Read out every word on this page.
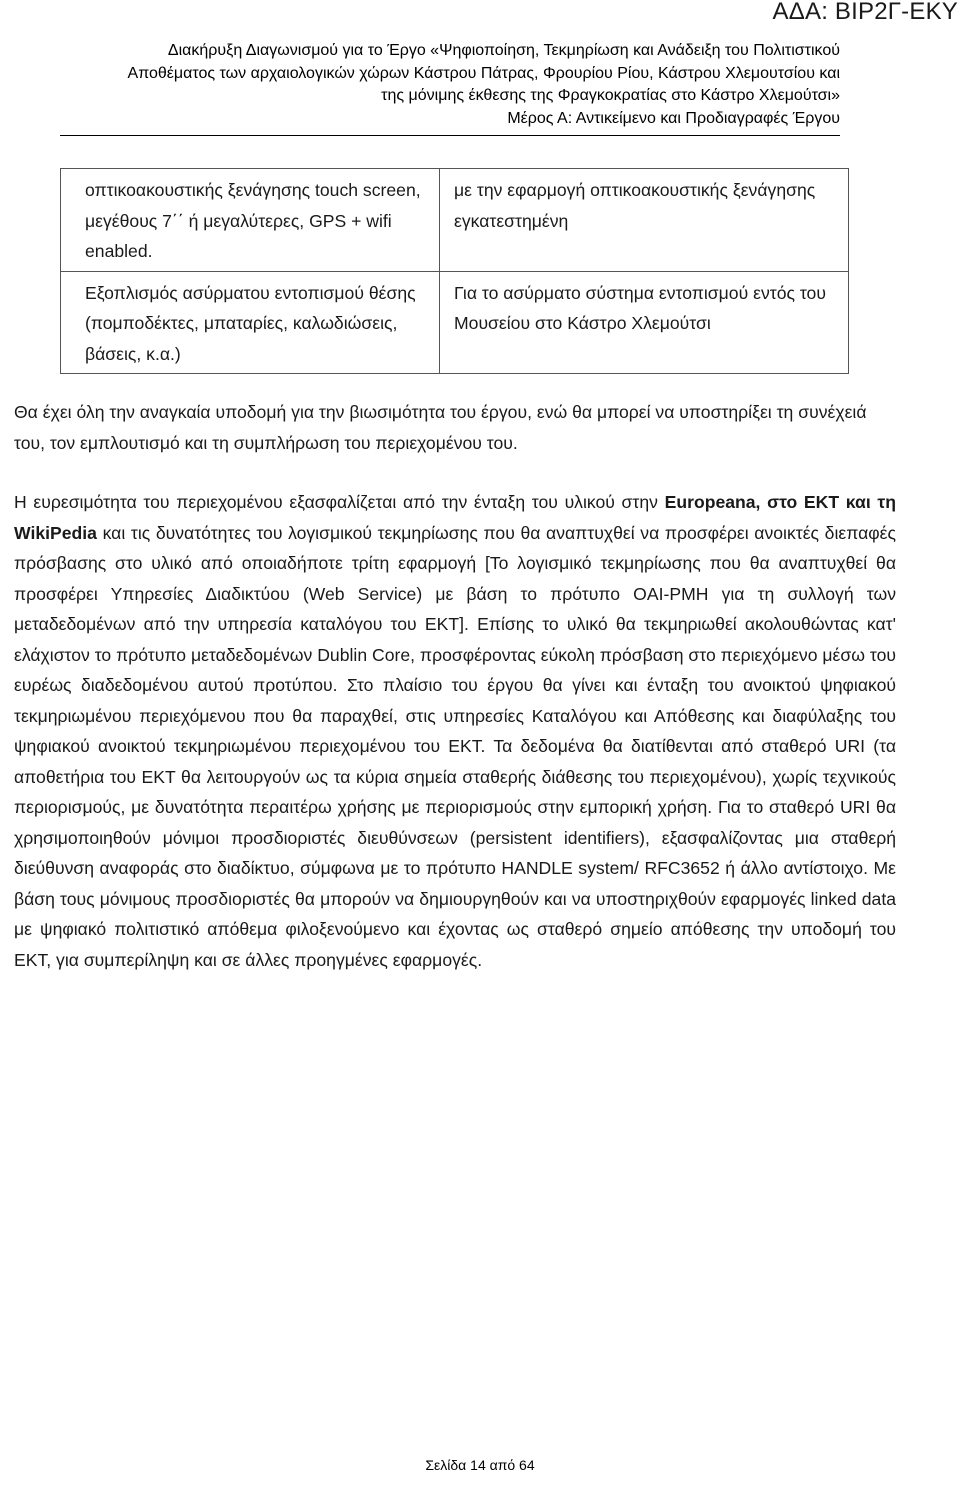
ΑΔΑ: ΒΙΡ2Γ-ΕΚΥ
Διακήρυξη Διαγωνισμού για το Έργο «Ψηφιοποίηση, Τεκμηρίωση και Ανάδειξη του Πολιτιστικού
Αποθέματος των αρχαιολογικών χώρων Κάστρου Πάτρας, Φρουρίου Ρίου, Κάστρου Χλεμουτσίου και
της μόνιμης έκθεσης της Φραγκοκρατίας στο Κάστρο Χλεμούτσι»
Μέρος Α: Αντικείμενο και Προδιαγραφές Έργου
οπτικοακουστικής ξενάγησης touch screen, μεγέθους 7΄΄ ή μεγαλύτερες, GPS + wifi enabled.	με την εφαρμογή οπτικοακουστικής ξενάγησης εγκατεστημένη
Εξοπλισμός ασύρματου εντοπισμού θέσης (πομποδέκτες, μπαταρίες, καλωδιώσεις, βάσεις, κ.α.)	Για το ασύρματο σύστημα εντοπισμού εντός του Μουσείου στο Κάστρο Χλεμούτσι
Θα έχει όλη την αναγκαία υποδομή για την βιωσιμότητα του έργου, ενώ θα μπορεί να υποστηρίξει τη συνέχειά του, τον εμπλουτισμό και τη συμπλήρωση του περιεχομένου του.
Η ευρεσιμότητα του περιεχομένου εξασφαλίζεται από την ένταξη του υλικού στην Europeana, στο ΕΚΤ και τη WikiPedia και τις δυνατότητες του λογισμικού τεκμηρίωσης που θα αναπτυχθεί να προσφέρει ανοικτές διεπαφές πρόσβασης στο υλικό από οποιαδήποτε τρίτη εφαρμογή [Το λογισμικό τεκμηρίωσης που θα αναπτυχθεί θα προσφέρει Υπηρεσίες Διαδικτύου (Web Service) με βάση το πρότυπο OAI-PMH για τη συλλογή των μεταδεδομένων από την υπηρεσία καταλόγου του ΕΚΤ]. Επίσης το υλικό θα τεκμηριωθεί ακολουθώντας κατ' ελάχιστον το πρότυπο μεταδεδομένων Dublin Core, προσφέροντας εύκολη πρόσβαση στο περιεχόμενο μέσω του ευρέως διαδεδομένου αυτού προτύπου. Στο πλαίσιο του έργου θα γίνει και ένταξη του ανοικτού ψηφιακού τεκμηριωμένου περιεχόμενου που θα παραχθεί, στις υπηρεσίες Καταλόγου και Απόθεσης και διαφύλαξης του ψηφιακού ανοικτού τεκμηριωμένου περιεχομένου του ΕΚΤ. Τα δεδομένα θα διατίθενται από σταθερό URI (τα αποθετήρια του ΕΚΤ θα λειτουργούν ως τα κύρια σημεία σταθερής διάθεσης του περιεχομένου), χωρίς τεχνικούς περιορισμούς, με δυνατότητα περαιτέρω χρήσης με περιορισμούς στην εμπορική χρήση. Για το σταθερό URI θα χρησιμοποιηθούν μόνιμοι προσδιοριστές διευθύνσεων (persistent identifiers), εξασφαλίζοντας μια σταθερή διεύθυνση αναφοράς στο διαδίκτυο, σύμφωνα με το πρότυπο HANDLE system/ RFC3652 ή άλλο αντίστοιχο. Με βάση τους μόνιμους προσδιοριστές θα μπορούν να δημιουργηθούν και να υποστηριχθούν εφαρμογές linked data με ψηφιακό πολιτιστικό απόθεμα φιλοξενούμενο και έχοντας ως σταθερό σημείο απόθεσης την υποδομή του ΕΚΤ, για συμπερίληψη και σε άλλες προηγμένες εφαρμογές.
Σελίδα 14 από 64
